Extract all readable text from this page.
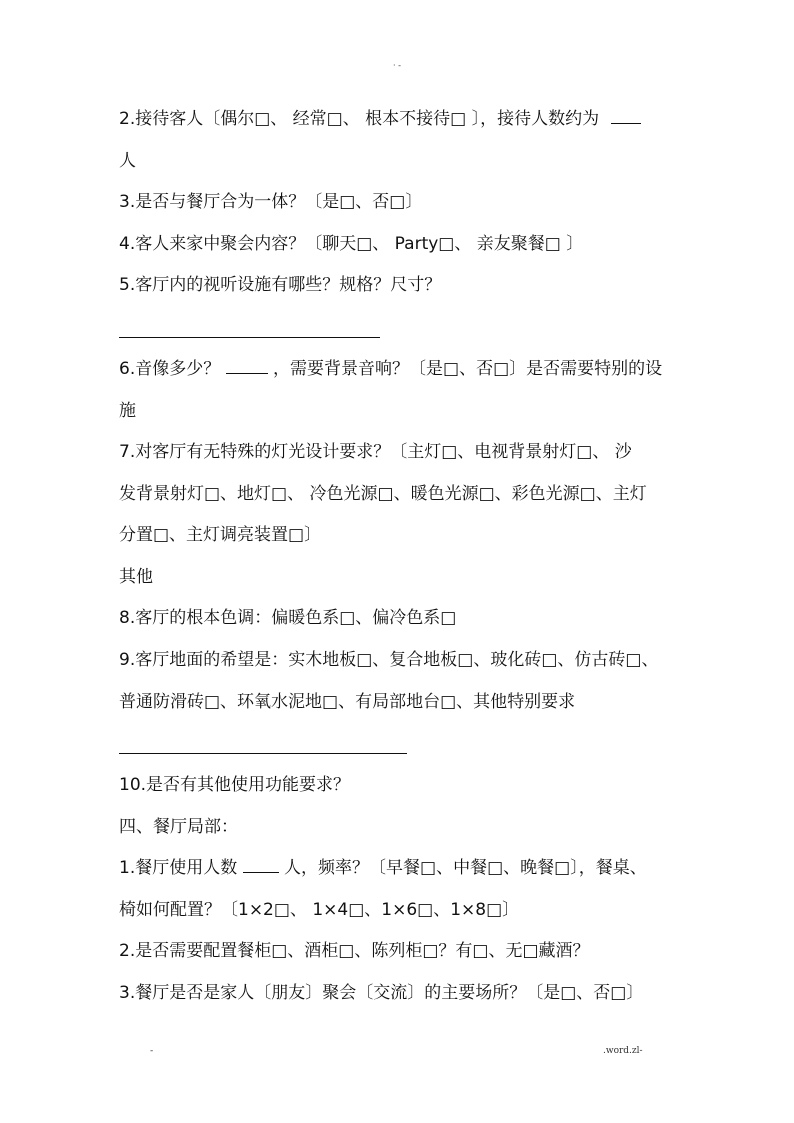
· -
2.接待客人〔偶尔□、 经常□、 根本不接待□ 〕，接待人数约为
人
3.是否与餐厅合为一体？〔是□、否□〕
4.客人来家中聚会内容？〔聊天□、 Party□、 亲友聚餐□ 〕
5.客厅内的视听设施有哪些？规格？尺寸？
6.音像多少？	，需要背景音响？〔是□、否□〕是否需要特别的设
施
7.对客厅有无特殊的灯光设计要求？〔主灯□、电视背景射灯□、 沙
发背景射灯□、地灯□、 冷色光源□、暖色光源□、彩色光源□、主灯
分置□、主灯调亮装置□〕
其他
8.客厅的根本色调：偏暖色系□、偏冷色系□
9.客厅地面的希望是：实木地板□、复合地板□、玻化砖□、仿古砖□、
普通防滑砖□、环氧水泥地□、有局部地台□、其他特别要求
10.是否有其他使用功能要求？
四、餐厅局部：
1.餐厅使用人数	人，频率？〔早餐□、中餐□、晚餐□〕，餐桌、
椅如何配置？〔1×2□、 1×4□、1×6□、1×8□〕
2.是否需要配置餐柜□、酒柜□、陈列柜□？有□、无□藏酒？
3.餐厅是否是家人〔朋友〕聚会〔交流〕的主要场所？〔是□、否□〕
-	.word.zl-
